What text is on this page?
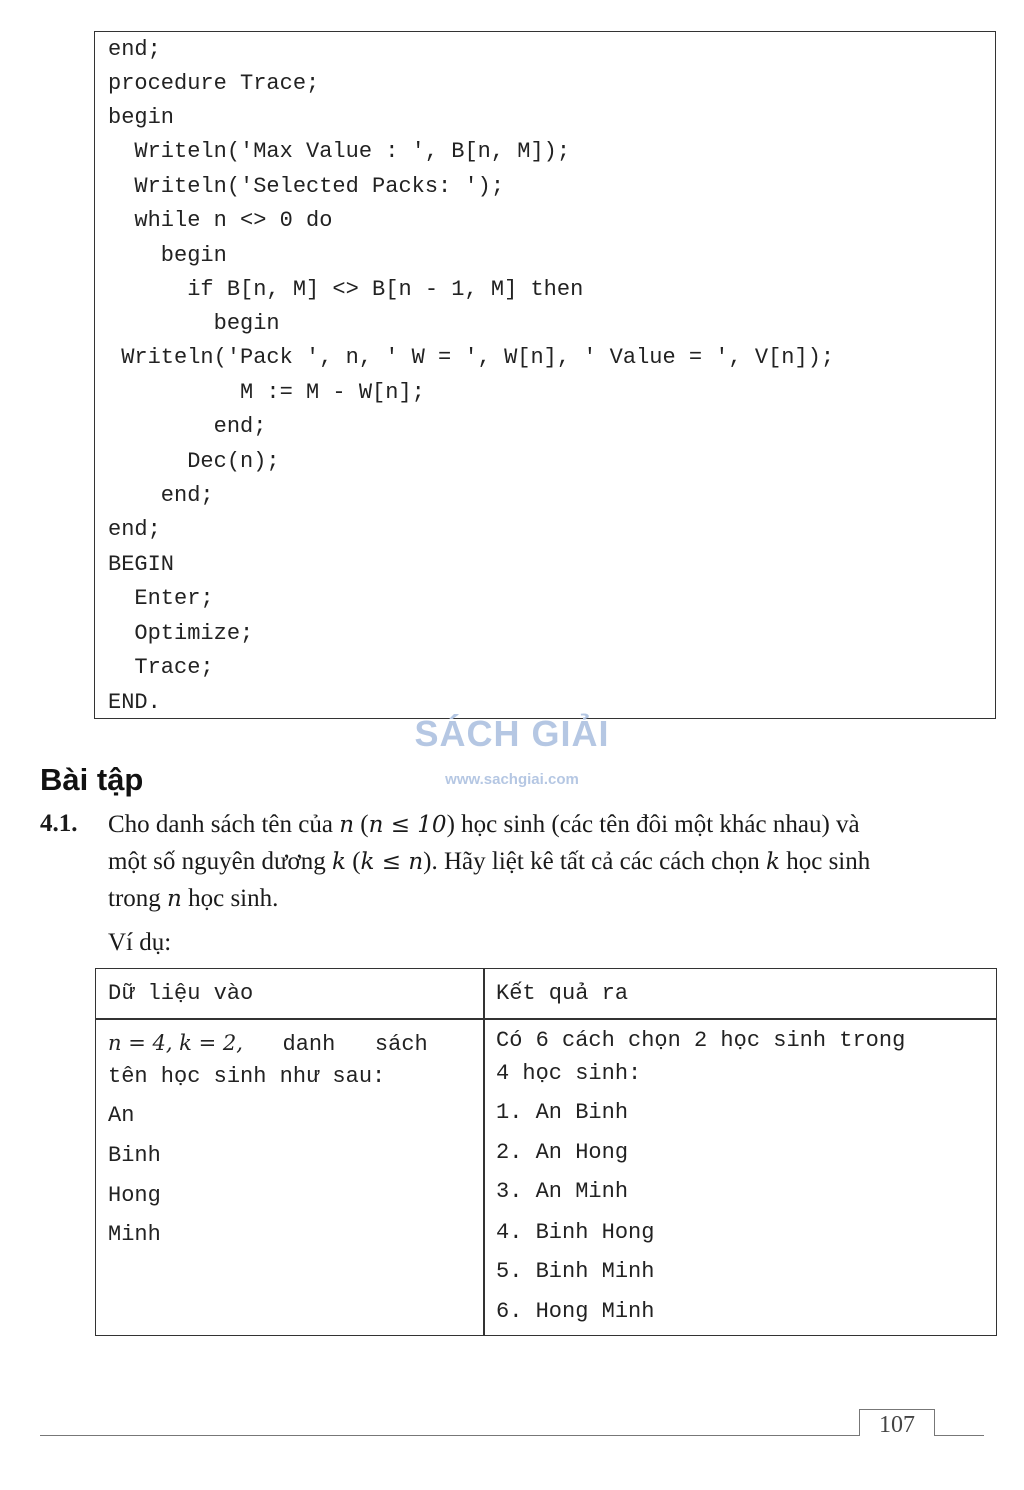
end;
procedure Trace;
begin
Writeln('Max Value : ', B[n, M]);
Writeln('Selected Packs: ');
while n <> 0 do
begin
if B[n, M] <> B[n - 1, M] then
begin
Writeln('Pack ', n, ' W = ', W[n], ' Value = ', V[n]);
M := M - W[n];
end;
Dec(n);
end;
end;
BEGIN
Enter;
Optimize;
Trace;
END.
SÁCH GIẢI
www.sachgiai.com
Bài tập
4.1. Cho danh sách tên của n (n ≤ 10) học sinh (các tên đôi một khác nhau) và
một số nguyên dương k (k ≤ n). Hãy liệt kê tất cả các cách chọn k học sinh
trong n học sinh.
Ví dụ:
Dữ liệu vào	Kết quả ra
n = 4, k = 2,   danh   sách
tên học sinh như sau:
An
Binh
Hong
Minh
Có 6 cách chọn 2 học sinh trong
4 học sinh:
1. An Binh
2. An Hong
3. An Minh
4. Binh Hong
5. Binh Minh
6. Hong Minh
107
